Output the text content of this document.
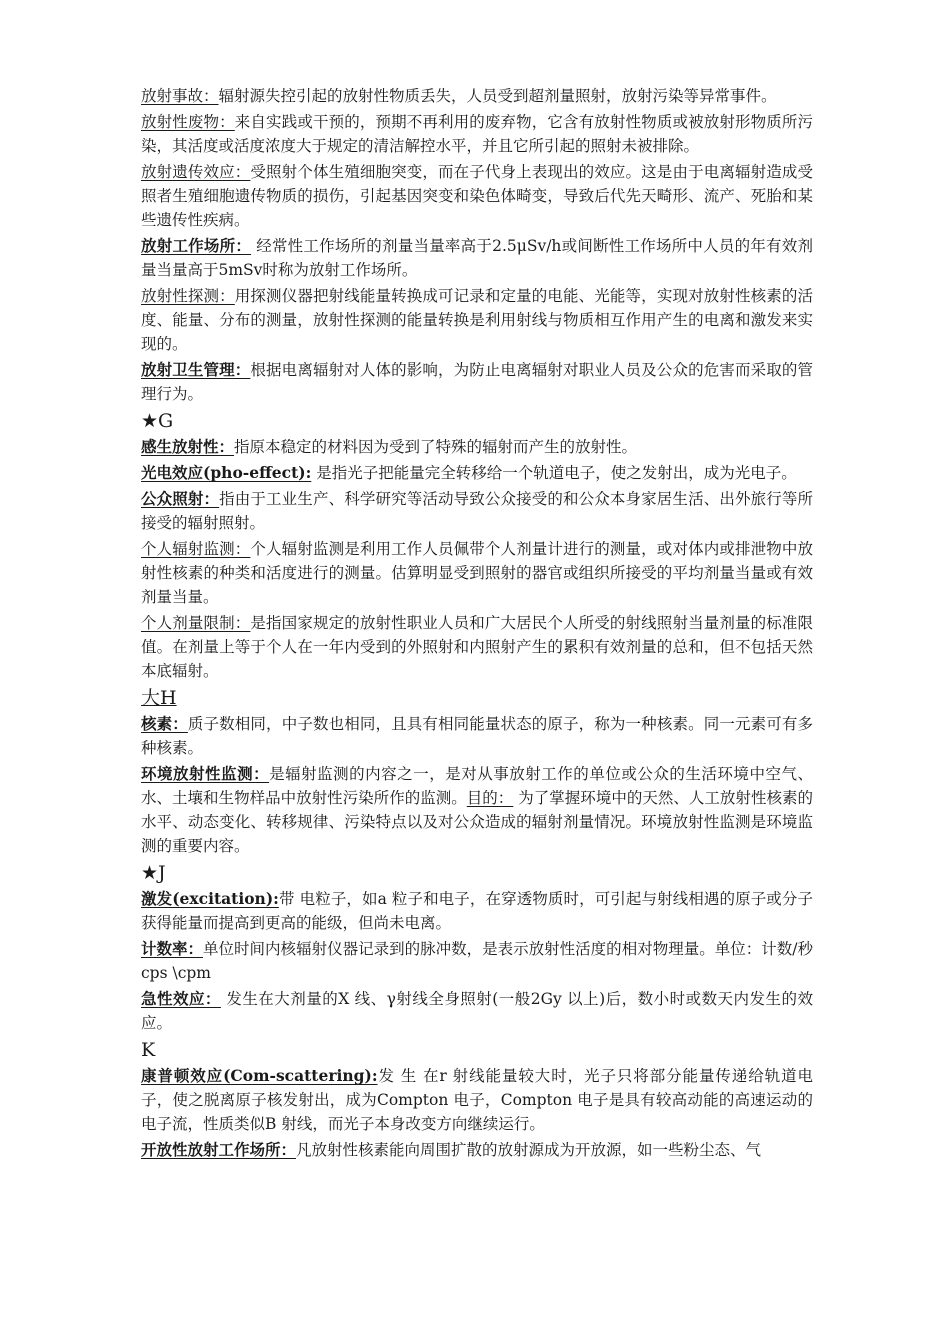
放射事故：辐射源失控引起的放射性物质丢失，人员受到超剂量照射，放射污染等异常事件。

放射性废物：来自实践或干预的，预期不再利用的废弃物，它含有放射性物质或被放射形物质所污染，其活度或活度浓度大于规定的清洁解控水平，并且它所引起的照射未被排除。

放射遗传效应：受照射个体生殖细胞突变，而在子代身上表现出的效应。这是由于电离辐射造成受照者生殖细胞遗传物质的损伤，引起基因突变和染色体畸变，导致后代先天畸形、流产、死胎和某些遗传性疾病。

放射工作场所： 经常性工作场所的剂量当量率高于2.5μSv/h或间断性工作场所中人员的年有效剂量当量高于5mSv时称为放射工作场所。

放射性探测：用探测仪器把射线能量转换成可记录和定量的电能、光能等，实现对放射性核素的活度、能量、分布的测量，放射性探测的能量转换是利用射线与物质相互作用产生的电离和激发来实现的。

放射卫生管理：根据电离辐射对人体的影响，为防止电离辐射对职业人员及公众的危害而采取的管理行为。

★G

感生放射性：指原本稳定的材料因为受到了特殊的辐射而产生的放射性。

光电效应(pho-effect): 是指光子把能量完全转移给一个轨道电子，使之发射出，成为光电子。

公众照射：指由于工业生产、科学研究等活动导致公众接受的和公众本身家居生活、出外旅行等所接受的辐射照射。

个人辐射监测：个人辐射监测是利用工作人员佩带个人剂量计进行的测量，或对体内或排泄物中放射性核素的种类和活度进行的测量。估算明显受到照射的器官或组织所接受的平均剂量当量或有效剂量当量。

个人剂量限制：是指国家规定的放射性职业人员和广大居民个人所受的射线照射当量剂量的标准限值。在剂量上等于个人在一年内受到的外照射和内照射产生的累积有效剂量的总和，但不包括天然本底辐射。

大H

核素：质子数相同，中子数也相同，且具有相同能量状态的原子，称为一种核素。同一元素可有多种核素。

环境放射性监测：是辐射监测的内容之一，是对从事放射工作的单位或公众的生活环境中空气、水、土壤和生物样品中放射性污染所作的监测。目的： 为了掌握环境中的天然、人工放射性核素的水平、动态变化、转移规律、污染特点以及对公众造成的辐射剂量情况。环境放射性监测是环境监测的重要内容。

★J

激发(excitation):带 电粒子，如a 粒子和电子，在穿透物质时，可引起与射线相遇的原子或分子获得能量而提高到更高的能级，但尚未电离。

计数率：单位时间内核辐射仪器记录到的脉冲数，是表示放射性活度的相对物理量。单位：计数/秒 cps \cpm

急性效应： 发生在大剂量的X 线、γ射线全身照射(一般2Gy 以上)后，数小时或数天内发生的效应。

K

康普顿效应(Com-scattering):发 生 在r 射线能量较大时，光子只将部分能量传递给轨道电子，使之脱离原子核发射出，成为Compton 电子，Compton 电子是具有较高动能的高速运动的电子流，性质类似B 射线，而光子本身改变方向继续运行。

开放性放射工作场所：凡放射性核素能向周围扩散的放射源成为开放源，如一些粉尘态、气
